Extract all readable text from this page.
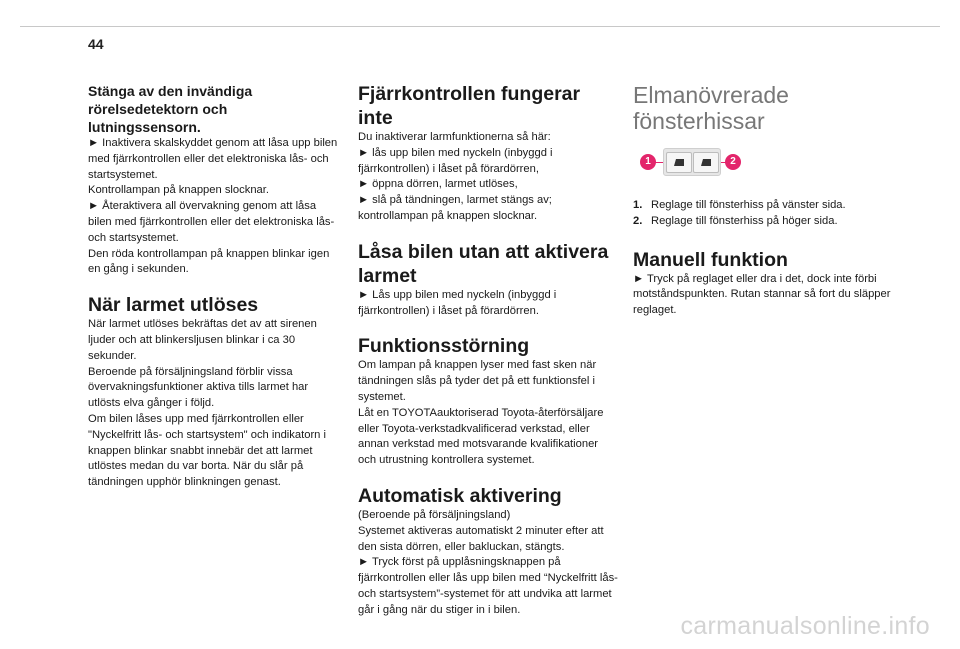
44

Stänga av den invändiga rörelsedetektorn och lutningssensorn.

► Inaktivera skalskyddet genom att låsa upp bilen med fjärrkontrollen eller det elektroniska lås- och startsystemet.

Kontrollampan på knappen slocknar.

► Återaktivera all övervakning genom att låsa bilen med fjärrkontrollen eller det elektroniska lås- och startsystemet.

Den röda kontrollampan på knappen blinkar igen en gång i sekunden.

När larmet utlöses

När larmet utlöses bekräftas det av att sirenen ljuder och att blinkersljusen blinkar i ca 30 sekunder.

Beroende på försäljningsland förblir vissa övervakningsfunktioner aktiva tills larmet har utlösts elva gånger i följd.

Om bilen låses upp med fjärrkontrollen eller "Nyckelfritt lås- och startsystem" och indikatorn i knappen blinkar snabbt innebär det att larmet utlöstes medan du var borta. När du slår på tändningen upphör blinkningen genast.

Fjärrkontrollen fungerar inte

Du inaktiverar larmfunktionerna så här:

► lås upp bilen med nyckeln (inbyggd i fjärrkontrollen) i låset på förardörren,

► öppna dörren, larmet utlöses,

► slå på tändningen, larmet stängs av; kontrollampan på knappen slocknar.

Låsa bilen utan att aktivera larmet

► Lås upp bilen med nyckeln (inbyggd i fjärrkontrollen) i låset på förardörren.

Funktionsstörning

Om lampan på knappen lyser med fast sken när tändningen slås på tyder det på ett funktionsfel i systemet.

Låt en TOYOTAauktoriserad Toyota-återförsäljare eller Toyota-verkstadkvalificerad verkstad, eller annan verkstad med motsvarande kvalifikationer och utrustning kontrollera systemet.

Automatisk aktivering

(Beroende på försäljningsland)

Systemet aktiveras automatiskt 2 minuter efter att den sista dörren, eller bakluckan, stängts.

► Tryck först på upplåsningsknappen på fjärrkontrollen eller lås upp bilen med “Nyckelfritt lås- och startsystem”-systemet för att undvika att larmet går i gång när du stiger in i bilen.

Elmanövrerade fönsterhissar

1	2
1. Reglage till fönsterhiss på vänster sida.
2. Reglage till fönsterhiss på höger sida.

Manuell funktion

► Tryck på reglaget eller dra i det, dock inte förbi motståndspunkten. Rutan stannar så fort du släpper reglaget.

carmanualsonline.info
